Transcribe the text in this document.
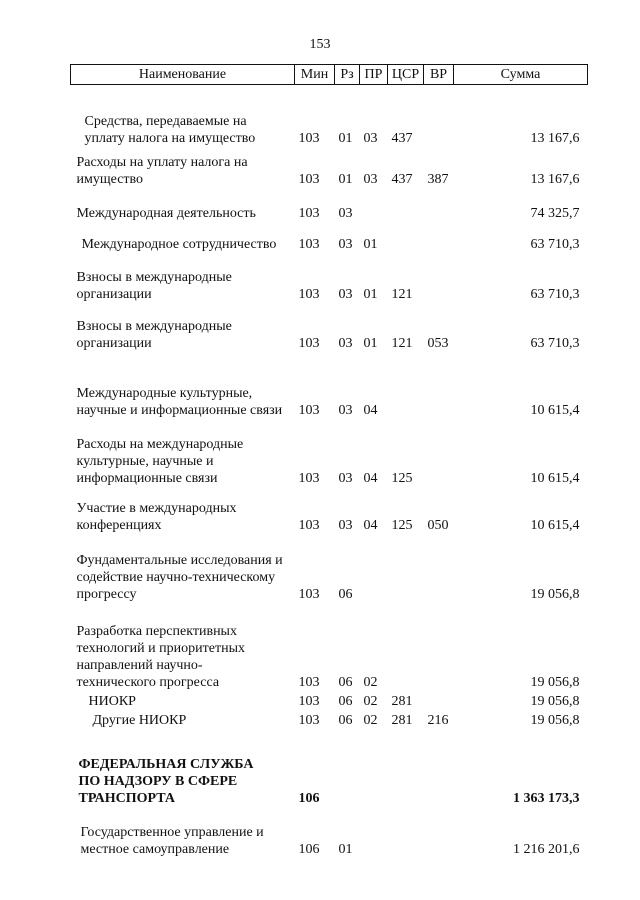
153
Наименование	Мин	Рз	ПР	ЦСР	ВР	Сумма

Средства, передаваемые на уплату налога на имущество	103	01	03	437		13 167,6

Расходы на уплату налога на имущество	103	01	03	437	387	13 167,6
Международная деятельность	103	03				74 325,7

Международное сотрудничество	103	03	01			63 710,3

Взносы в международные организации	103	03	01	121		63 710,3

Взносы в международные организации	103	03	01	121	053	63 710,3

Международные культурные, научные и информационные связи	103	03	04			10 615,4

Расходы на международные культурные, научные и информационные связи	103	03	04	125		10 615,4

Участие в международных конференциях	103	03	04	125	050	10 615,4

Фундаментальные исследования и содействие научно-техническому прогрессу	103	06				19 056,8

Разработка перспективных технологий и приоритетных направлений научно-технического прогресса	103	06	02			19 056,8

НИОКР	103	06	02	281		19 056,8

Другие НИОКР	103	06	02	281	216	19 056,8

ФЕДЕРАЛЬНАЯ СЛУЖБА ПО НАДЗОРУ В СФЕРЕ ТРАНСПОРТА	106					1 363 173,3

Государственное управление и местное самоуправление	106	01				1 216 201,6
